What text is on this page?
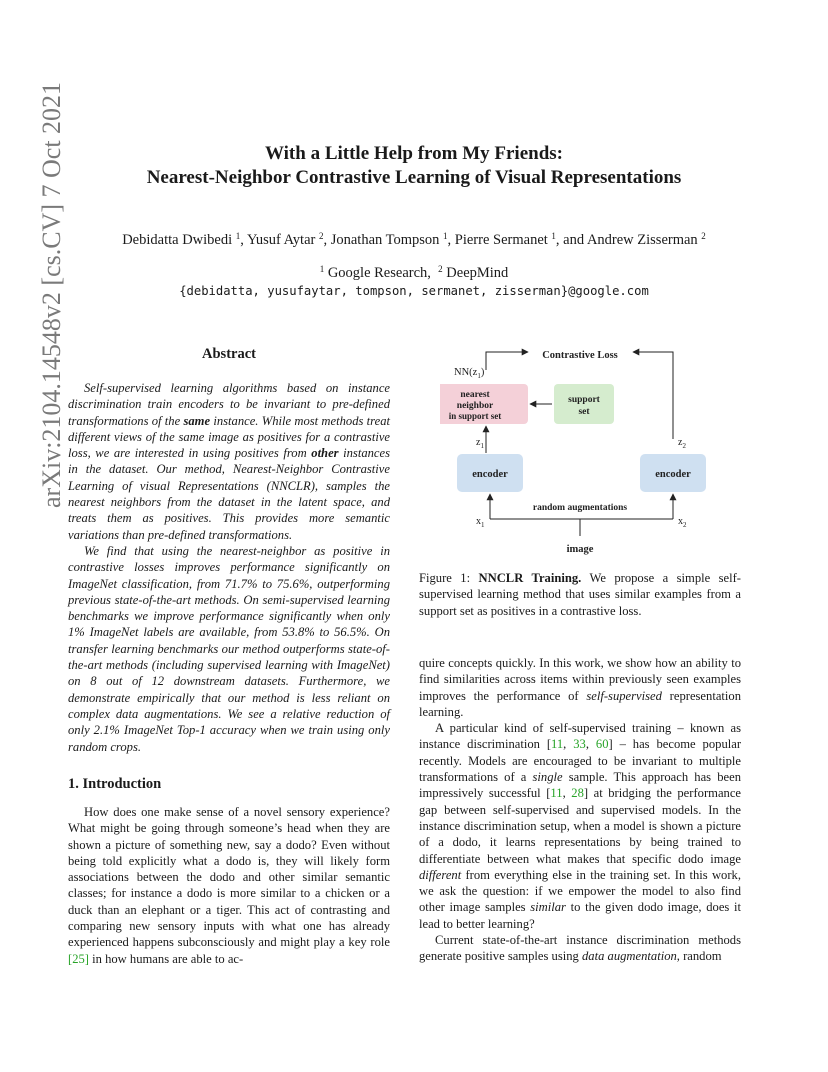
With a Little Help from My Friends:
Nearest-Neighbor Contrastive Learning of Visual Representations
Debidatta Dwibedi $^1$, Yusuf Aytar $^2$, Jonathan Tompson $^1$, Pierre Sermanet $^1$, and Andrew Zisserman $^2$
$^1$ Google Research, $^2$ DeepMind
{debidatta, yusufaytar, tompson, sermanet, zisserman}@google.com
arXiv:2104.14548v2 [cs.CV] 7 Oct 2021	Abstract

Self-supervised learning algorithms based on instance discrimination train encoders to be invariant to pre-defined transformations of the same instance. While most methods treat different views of the same image as positives for a contrastive loss, we are interested in using positives from other instances in the dataset. Our method, Nearest-Neighbor Contrastive Learning of visual Representations (NNCLR), samples the nearest neighbors from the dataset in the latent space, and treats them as positives. This provides more semantic variations than pre-defined transformations.

We find that using the nearest-neighbor as positive in contrastive losses improves performance significantly on ImageNet classification, from 71.7% to 75.6%, outperforming previous state-of-the-art methods. On semi-supervised learning benchmarks we improve performance significantly when only 1% ImageNet labels are available, from 53.8% to 56.5%. On transfer learning benchmarks our method outperforms state-of-the-art methods (including supervised learning with ImageNet) on 8 out of 12 downstream datasets. Furthermore, we demonstrate empirically that our method is less reliant on complex data augmentations. We see a relative reduction of only 2.1% ImageNet Top-1 accuracy when we train using only random crops.

1. Introduction

How does one make sense of a novel sensory experience? What might be going through someone’s head when they are shown a picture of something new, say a dodo? Even without being told explicitly what a dodo is, they will likely form associations between the dodo and other similar semantic classes; for instance a dodo is more similar to a chicken or a duck than an elephant or a tiger. This act of contrasting and comparing new sensory inputs with what one has already experienced happens subconsciously and might play a key role [25] in how humans are able to ac-

Contrastive Loss
$NN(z_1)$
nearest
neighbor
in support set
support
set
$z_1$	$z_2$
encoder	encoder
random augmentations
$x_1$	$x_2$
image
Figure 1: NNCLR Training. We propose a simple self-supervised learning method that uses similar examples from a support set as positives in a contrastive loss.

quire concepts quickly. In this work, we show how an ability to find similarities across items within previously seen examples improves the performance of self-supervised representation learning.

A particular kind of self-supervised training – known as instance discrimination [11, 33, 60] – has become popular recently. Models are encouraged to be invariant to multiple transformations of a single sample. This approach has been impressively successful [11, 28] at bridging the performance gap between self-supervised and supervised models. In the instance discrimination setup, when a model is shown a picture of a dodo, it learns representations by being trained to differentiate between what makes that specific dodo image different from everything else in the training set. In this work, we ask the question: if we empower the model to also find other image samples similar to the given dodo image, does it lead to better learning?

Current state-of-the-art instance discrimination methods generate positive samples using data augmentation, random
